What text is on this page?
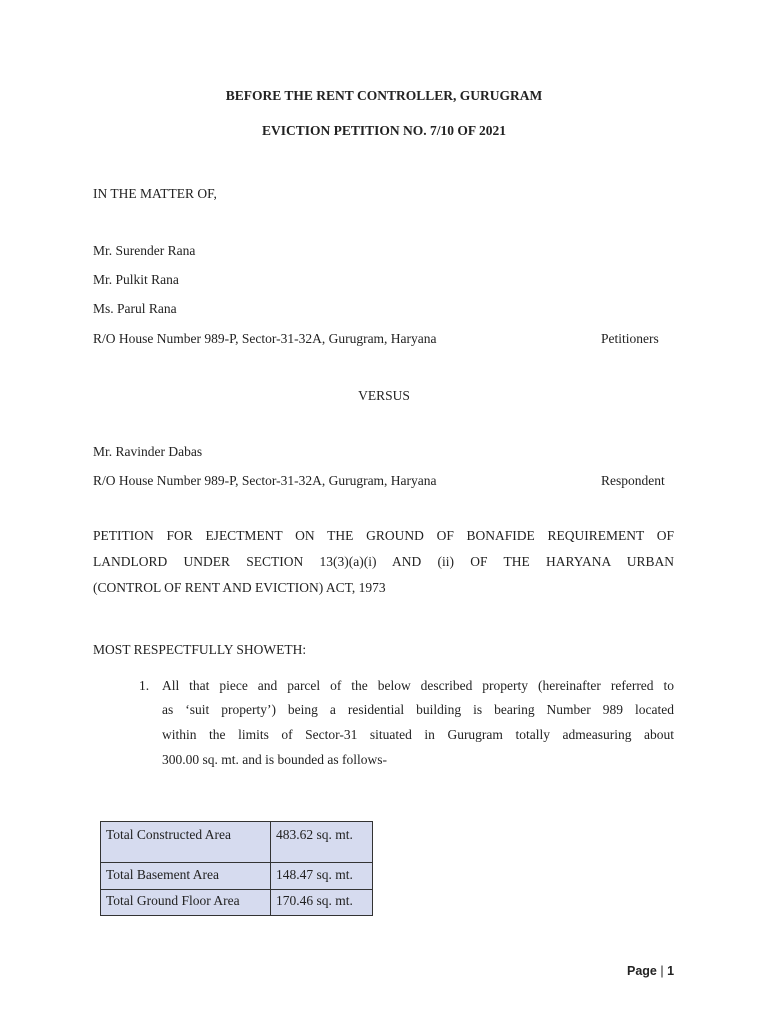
BEFORE THE RENT CONTROLLER, GURUGRAM
EVICTION PETITION NO. 7/10 OF 2021
IN THE MATTER OF,
Mr. Surender Rana
Mr. Pulkit Rana
Ms. Parul Rana
R/O House Number 989-P, Sector-31-32A, Gurugram, Haryana	Petitioners
VERSUS
Mr. Ravinder Dabas
R/O House Number 989-P, Sector-31-32A, Gurugram, Haryana	Respondent
PETITION FOR EJECTMENT ON THE GROUND OF BONAFIDE REQUIREMENT OF
LANDLORD UNDER SECTION 13(3)(a)(i) AND (ii) OF THE HARYANA URBAN
(CONTROL OF RENT AND EVICTION) ACT, 1973
MOST RESPECTFULLY SHOWETH:
1. All that piece and parcel of the below described property (hereinafter referred to
as ‘suit property’) being a residential building is bearing Number 989 located
within the limits of Sector-31 situated in Gurugram totally admeasuring about
300.00 sq. mt. and is bounded as follows-
Total Constructed Area	483.62 sq. mt.
Total Basement Area	148.47 sq. mt.
Total Ground Floor Area	170.46 sq. mt.
Page | 1
